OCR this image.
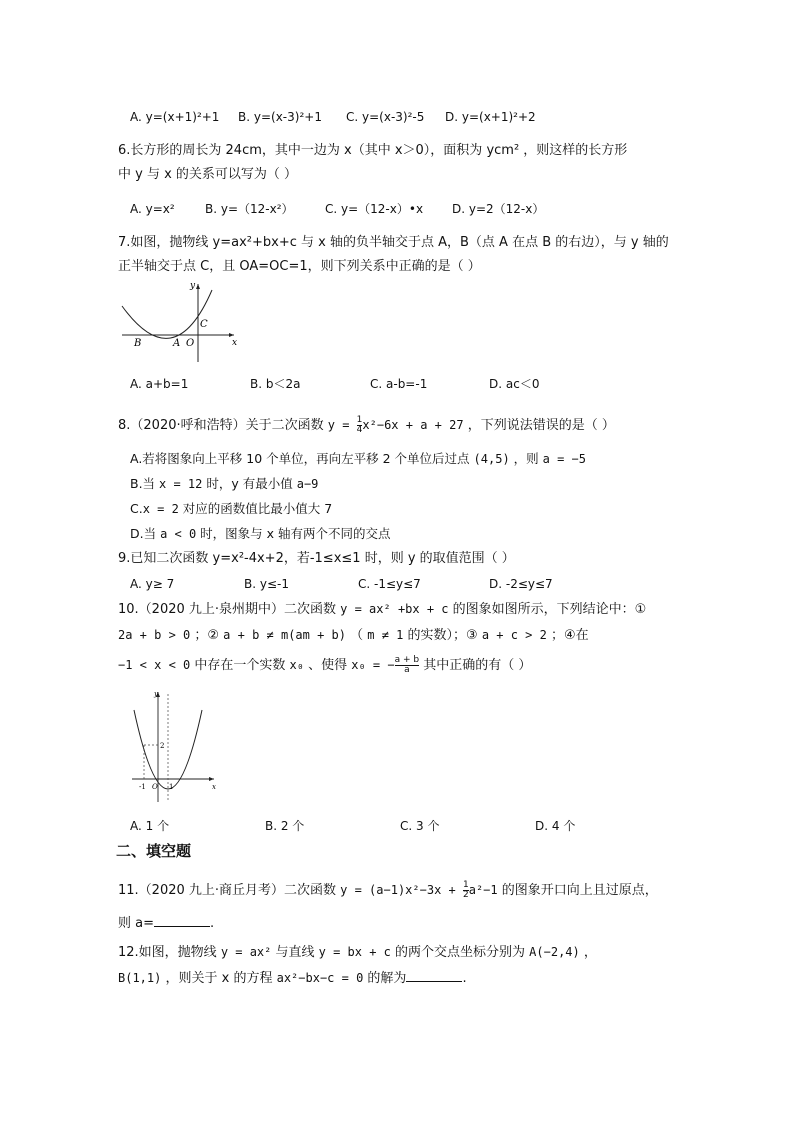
A. y=(x+1)²+1 B. y=(x-3)²+1 C. y=(x-3)²-5 D. y=(x+1)²+2
6.长方形的周长为 24cm，其中一边为 x（其中 x＞0），面积为 ycm² ，则这样的长方形
中 y 与 x 的关系可以写为（ ）
A. y=x²	B. y=（12-x²）	C. y=（12-x）•x D. y=2（12-x）
7.如图，抛物线 y=ax²+bx+c 与 x 轴的负半轴交于点 A，B（点 A 在点 B 的右边），与 y 轴的
正半轴交于点 C，且 OA=OC=1，则下列关系中正确的是（ ）
y
x
B	A O
C
A. a+b=1	B. b＜2a	C. a-b=-1	D. ac＜0
8.（2020·呼和浩特）关于二次函数 $y = \frac{1}{4} x^2-6x + a + 27$ ，下列说法错误的是（ ）
A.若将图象向上平移 10 个单位，再向左平移 2 个单位后过点 (4,5) ，则 a = −5
B.当 x = 12 时，y 有最小值 a−9
C.x = 2 对应的函数值比最小值大 7
D.当 a < 0 时，图象与 x 轴有两个不同的交点
9.已知二次函数 y=x²-4x+2，若-1≤x≤1 时，则 y 的取值范围（ ）
A. y≥ 7	B. y≤-1	C. -1≤y≤7	D. -2≤y≤7
10.（2020 九上·泉州期中）二次函数 y = ax² +bx + c 的图象如图所示，下列结论中：①
2a + b > 0 ；② a + b ≠ m(am + b) （ m ≠ 1 的实数）；③ a + c > 2 ；④在
−1 < x < 0 中存在一个实数 x₀ 、使得 x₀ = − $\frac{a + b}{a}$ 其中正确的有（ ）
y
x
2
-1 O 1
A. 1 个	B. 2 个	C. 3 个	D. 4 个
二、填空题
11.（2020 九上·商丘月考）二次函数 $y = (a-1)x^2-3x + \frac{1}{2} a^2-1$ 的图象开口向上且过原点，
则 a=	.
12.如图，抛物线 y = ax² 与直线 y = bx + c 的两个交点坐标分别为 A(−2,4) ，
B(1,1) ，则关于 x 的方程 ax²−bx−c = 0 的解为	.
